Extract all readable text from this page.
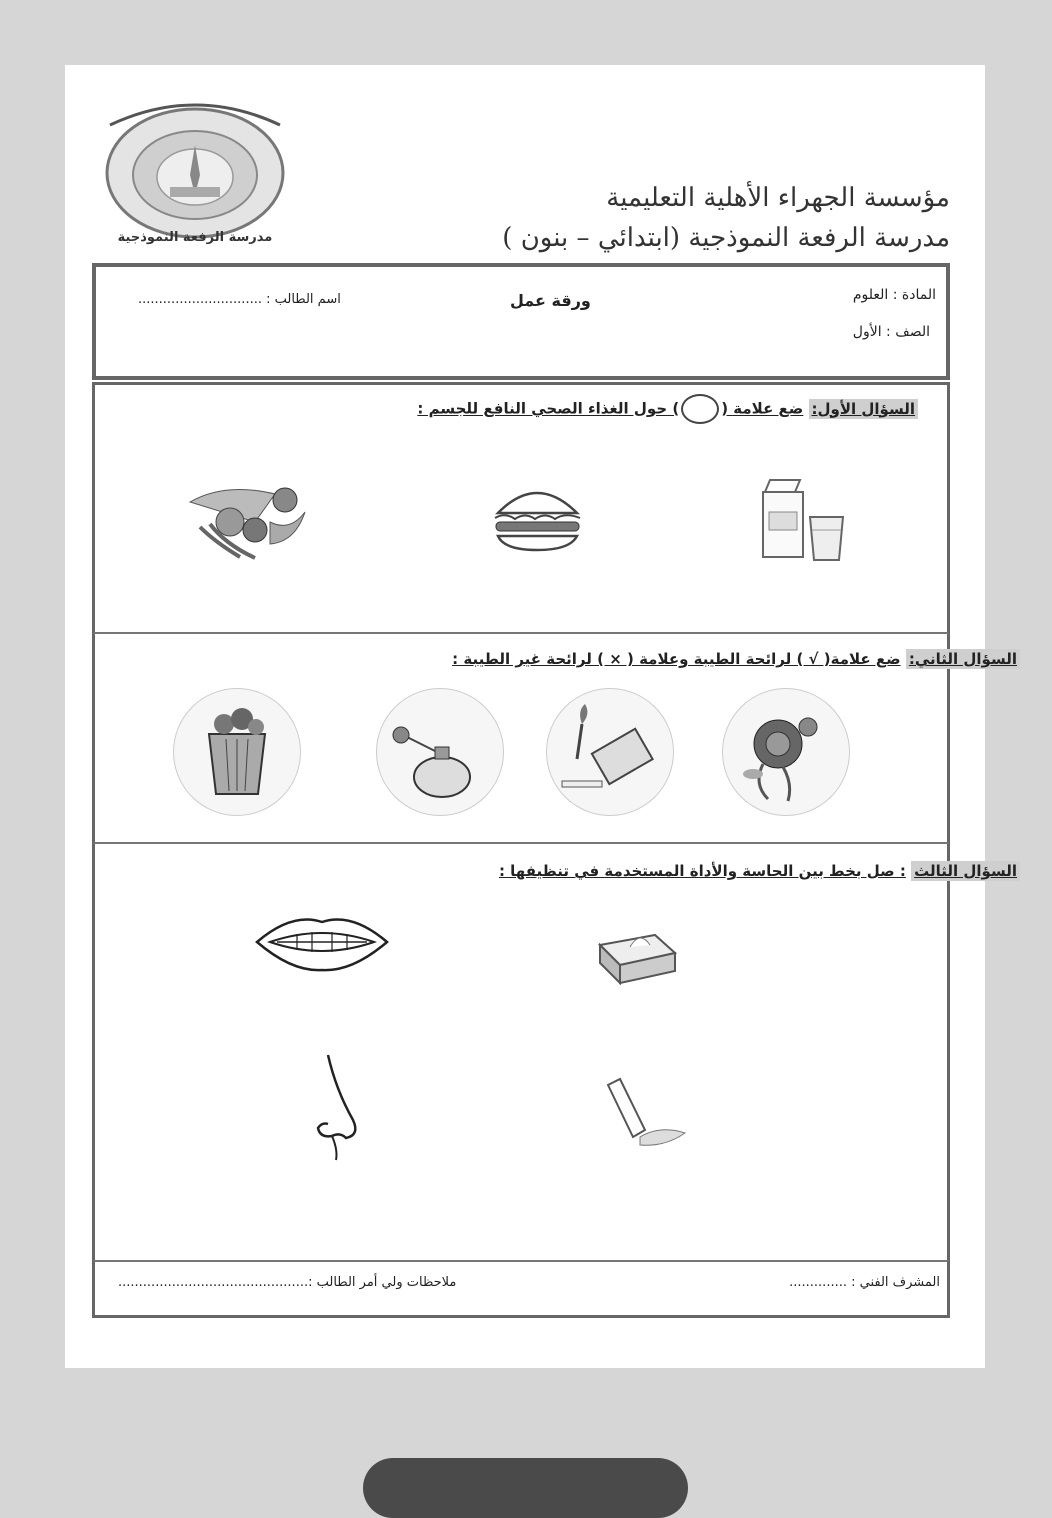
مدرسة الرفعة النموذجية
مؤسسة الجهراء الأهلية التعليمية
مدرسة الرفعة النموذجية (ابتدائي – بنون )
المادة : العلوم
الصف : الأول
ورقة عمل
اسم الطالب : ..............................
السؤال الأول: ضع علامة () حول الغذاء الصحي النافع للجسم :
السؤال الثاني: ضع علامة( √ ) لرائحة الطيبة وعلامة ( × ) لرائحة غير الطيبة :
السؤال الثالث : صل بخط بين الحاسة والأداة المستخدمة في تنظيفها :
المشرف الفني : ..............
ملاحظات ولي أمر الطالب :..............................................
